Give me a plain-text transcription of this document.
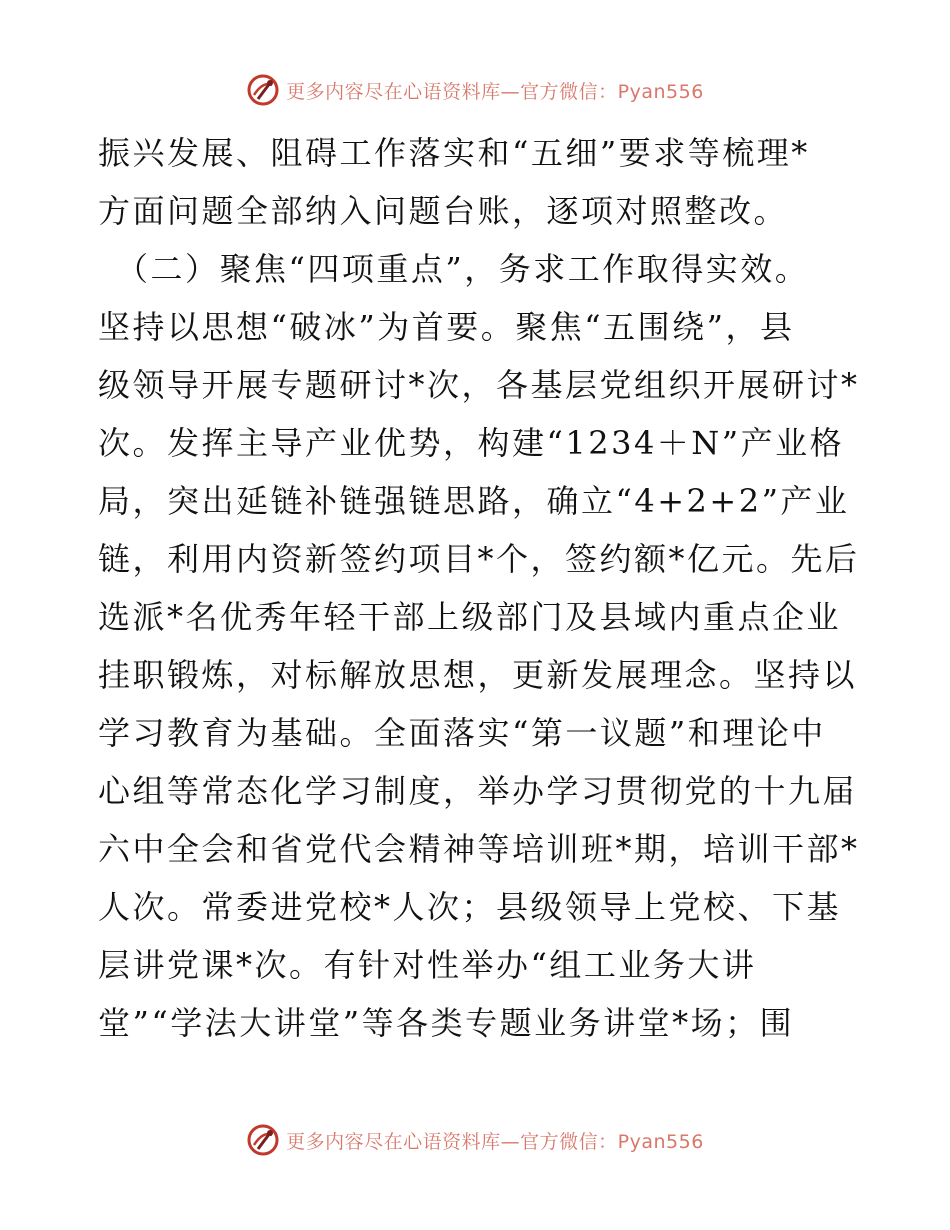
更多内容尽在心语资料库—官方微信：Pyan556
振兴发展、阻碍工作落实和“五细”要求等梳理*
方面问题全部纳入问题台账，逐项对照整改。
（二）聚焦“四项重点”，务求工作取得实效。
坚持以思想“破冰”为首要。聚焦“五围绕”，县
级领导开展专题研讨*次，各基层党组织开展研讨*
次。发挥主导产业优势，构建“1234＋N”产业格
局，突出延链补链强链思路，确立“4+2+2”产业
链，利用内资新签约项目*个，签约额*亿元。先后
选派*名优秀年轻干部上级部门及县域内重点企业
挂职锻炼，对标解放思想，更新发展理念。坚持以
学习教育为基础。全面落实“第一议题”和理论中
心组等常态化学习制度，举办学习贯彻党的十九届
六中全会和省党代会精神等培训班*期，培训干部*
人次。常委进党校*人次；县级领导上党校、下基
层讲党课*次。有针对性举办“组工业务大讲
堂”“学法大讲堂”等各类专题业务讲堂*场；围
更多内容尽在心语资料库—官方微信：Pyan556
